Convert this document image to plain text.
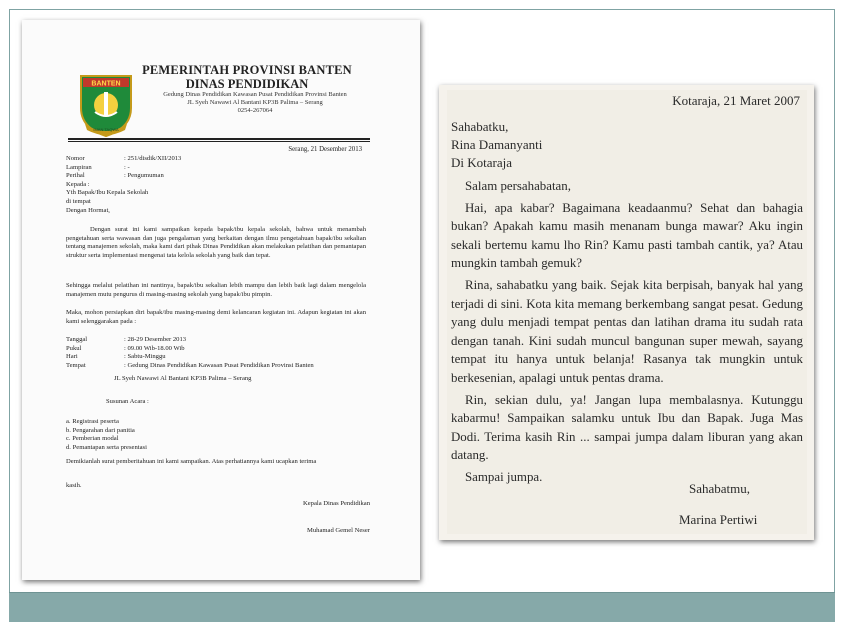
BANTEN
IMAN TAQWA
PEMERINTAH PROVINSI BANTEN
DINAS PENDIDIKAN
Gedung Dinas Pendidikan Kawasan Pusat Pendidikan Provinsi Banten
JL Syeh Nawawi Al Bantani KP3B Palima – Serang
0254-267064
Serang, 21 Desember 2013
Nomor	: 251/disdik/XII/2013
Lampiran	: -
Perihal	: Pengumuman
Kepada :
Yth Bapak/Ibu Kepala Sekolah
di tempat
Dengan Hormat,
Dengan surat ini kami sampaikan kepada bapak/ibu kepala sekolah, bahwa untuk menambah pengetahuan serta wawasan dan juga pengalaman yang berkaitan dengan ilmu pengetahuan bapak/ibu sekalian tentang manajemen sekolah, maka kami dari pihak Dinas Pendidikan akan melakukan pelatihan dan pemantapan struktur serta implementasi mengenai tata kelola sekolah yang baik dan tepat.
Sehingga melalui pelatihan ini nantinya, bapak/ibu sekalian lebih mampu dan lebih baik lagi dalam mengelola manajemen mutu pengurus di masing-masing sekolah yang bapak/ibu pimpin.
Maka, mohon persiapkan diri bapak/ibu masing-masing demi kelancaran kegiatan ini. Adapun kegiatan ini akan kami selenggarakan pada :
Tanggal	: 28-29 Desember 2013
Pukul	: 09.00 Wib-18.00 Wib
Hari	: Sabtu-Minggu
Tempat	: Gedung Dinas Pendidikan Kawasan Pusat Pendidikan Provinsi Banten
JL Syeh Nawawi Al Bantani KP3B Palima – Serang
Susunan Acara :
a. Registrasi peserta
b. Pengarahan dari panitia
c. Pemberian modal
d. Pemantapan serta presentasi
Demikianlah surat pemberitahuan ini kami sampaikan. Atas perhatiannya kami ucapkan terima
kasih.
Kepala Dinas Pendidikan
Muhamad Gemel Neser
Kotaraja, 21 Maret 2007
Sahabatku,
Rina Damanyanti
Di Kotaraja

Salam persahabatan,

Hai, apa kabar? Bagaimana keadaanmu? Sehat dan bahagia bukan? Apakah kamu masih menanam bunga mawar? Aku ingin sekali bertemu kamu lho Rin? Kamu pasti tambah cantik, ya? Atau mungkin tambah gemuk?

Rina, sahabatku yang baik. Sejak kita berpisah, banyak hal yang terjadi di sini. Kota kita memang berkembang sangat pesat. Gedung yang dulu menjadi tempat pentas dan latihan drama itu sudah rata dengan tanah. Kini sudah muncul bangunan super mewah, sayang tempat itu hanya untuk belanja! Rasanya tak mungkin untuk berkesenian, apalagi untuk pentas drama.

Rin, sekian dulu, ya! Jangan lupa membalasnya. Kutunggu kabarmu! Sampaikan salamku untuk Ibu dan Bapak. Juga Mas Dodi. Terima kasih Rin ... sampai jumpa dalam liburan yang akan datang.

Sampai jumpa.

Sahabatmu,
Marina Pertiwi
